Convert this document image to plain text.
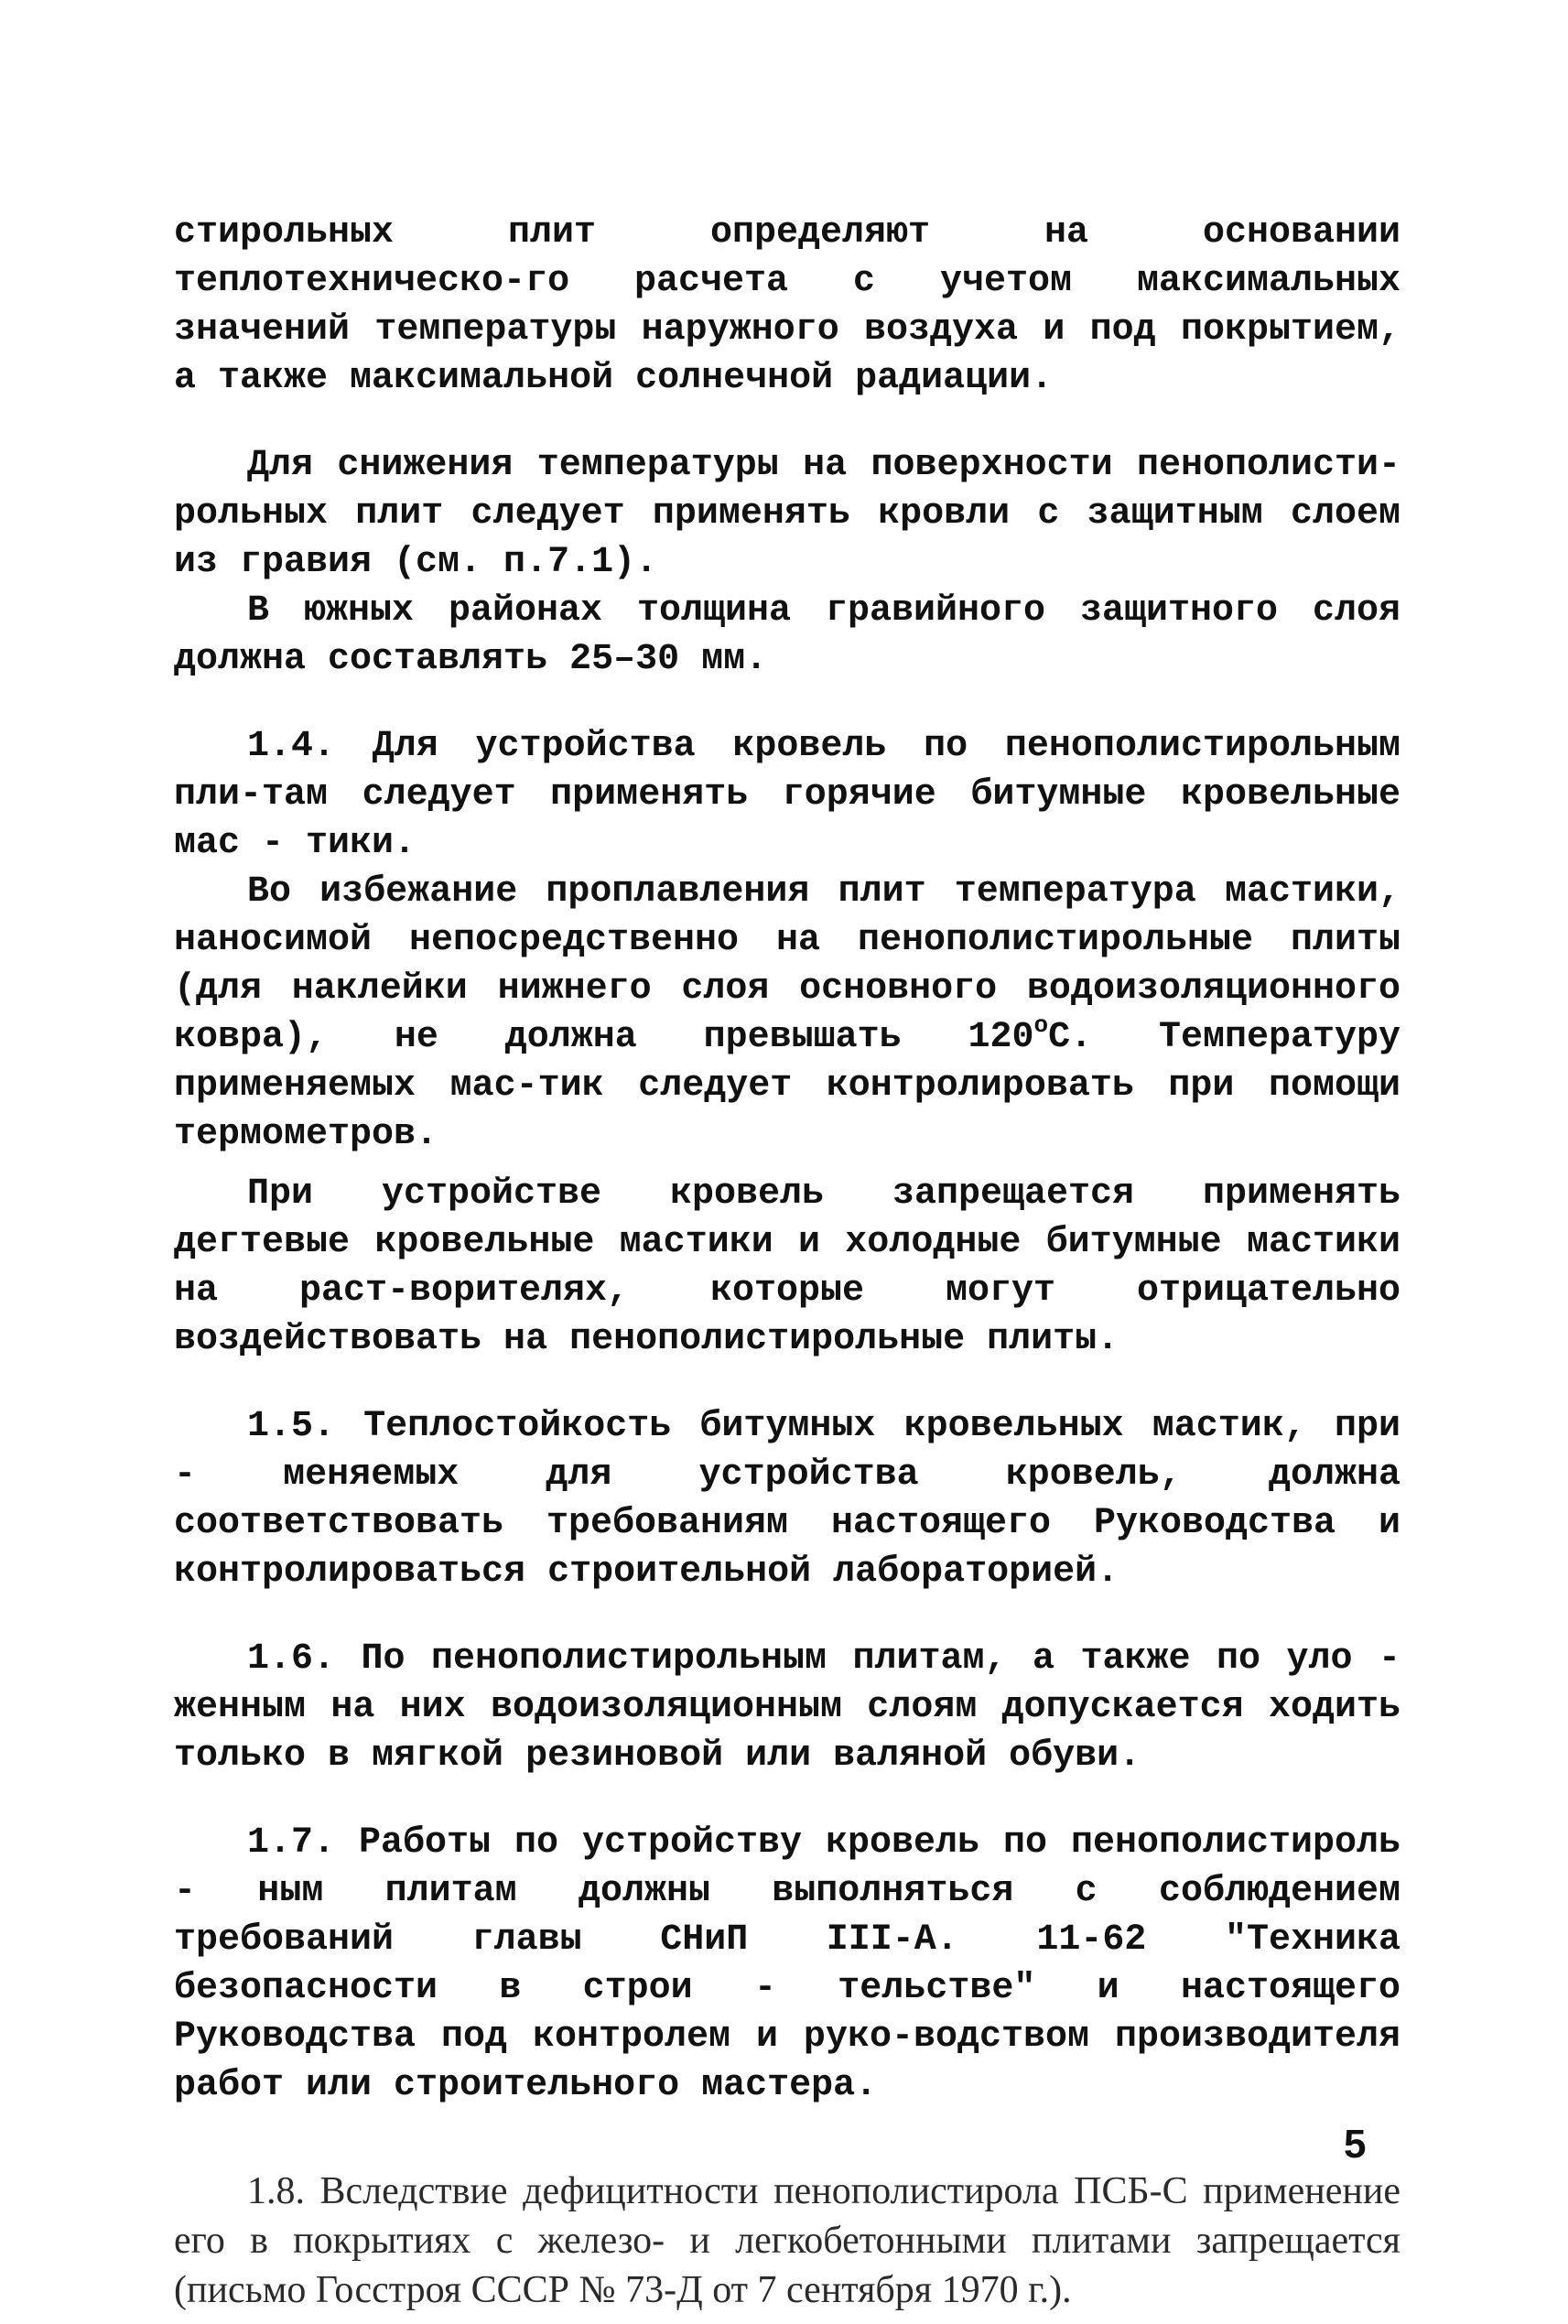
стирольных плит определяют на основании теплотехническо-го расчета с учетом максимальных значений температуры наружного воздуха и под покрытием, а также максимальной солнечной радиации.

Для снижения температуры на поверхности пенополисти-рольных плит следует применять кровли с защитным слоем из гравия (см. п.7.1).

В южных районах толщина гравийного защитного слоя должна составлять 25–30 мм.

1.4. Для устройства кровель по пенополистирольным пли-там следует применять горячие битумные кровельные мас - тики.

Во избежание проплавления плит температура мастики, наносимой непосредственно на пенополистирольные плиты (для наклейки нижнего слоя основного водоизоляционного ковра), не должна превышать 120$^o$С. Температуру применяемых мас-тик следует контролировать при помощи термометров.

При устройстве кровель запрещается применять дегтевые кровельные мастики и холодные битумные мастики на раст-ворителях, которые могут отрицательно воздействовать на пенополистирольные плиты.

1.5. Теплостойкость битумных кровельных мастик, при - меняемых для устройства кровель, должна соответствовать требованиям настоящего Руководства и контролироваться строительной лабораторией.

1.6. По пенополистирольным плитам, а также по уло - женным на них водоизоляционным слоям допускается ходить только в мягкой резиновой или валяной обуви.

1.7. Работы по устройству кровель по пенополистироль - ным плитам должны выполняться с соблюдением требований главы СНиП III-А. 11-62 "Техника безопасности в строи - тельстве" и настоящего Руководства под контролем и руко-водством производителя работ или строительного мастера.

1.8. Вследствие дефицитности пенополистирола ПСБ-С применение его в покрытиях с железо- и легкобетонными плитами запрещается (письмо Госстроя СССР № 73-Д от 7 сентября 1970 г.).

5
